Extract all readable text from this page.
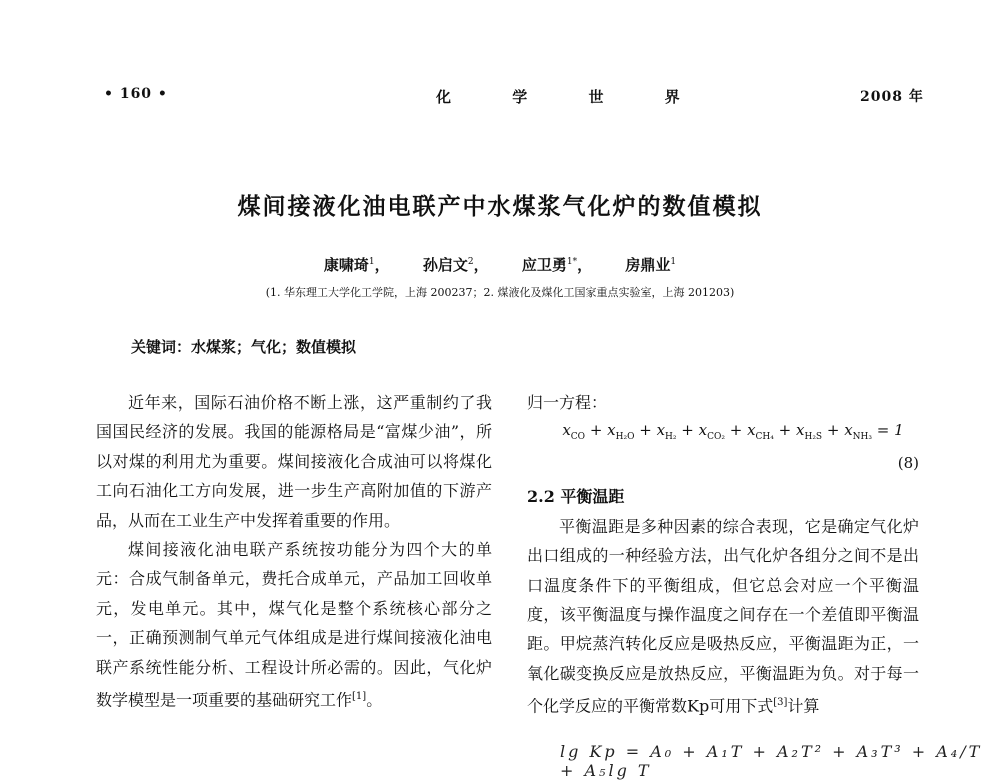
• 160 •	化 学 世 界	2008 年
煤间接液化油电联产中水煤浆气化炉的数值模拟
康啸琦$^1$， 孙启文$^2$， 应卫勇$^{1*}$， 房鼎业$^1$
(1. 华东理工大学化工学院，上海 200237；2. 煤液化及煤化工国家重点实验室，上海 201203)
关键词：水煤浆；气化；数值模拟

近年来，国际石油价格不断上涨，这严重制约了我国国民经济的发展。我国的能源格局是“富煤少油”，所以对煤的利用尤为重要。煤间接液化合成油可以将煤化工向石油化工方向发展，进一步生产高附加值的下游产品，从而在工业生产中发挥着重要的作用。

煤间接液化油电联产系统按功能分为四个大的单元：合成气制备单元，费托合成单元，产品加工回收单元，发电单元。其中，煤气化是整个系统核心部分之一，正确预测制气单元气体组成是进行煤间接液化油电联产系统性能分析、工程设计所必需的。因此，气化炉数学模型是一项重要的基础研究工作[1]。

归一方程：

$x_{CO} + x_{H_2O} + x_{H_2} + x_{CO_2} + x_{CH_4} + x_{H_2S} + x_{NH_3} = 1$
(8)
2.2 平衡温距

平衡温距是多种因素的综合表现，它是确定气化炉出口组成的一种经验方法，出气化炉各组分之间不是出口温度条件下的平衡组成，但它总会对应一个平衡温度，该平衡温度与操作温度之间存在一个差值即平衡温距。甲烷蒸汽转化反应是吸热反应，平衡温距为正，一氧化碳变换反应是放热反应，平衡温距为负。对于每一个化学反应的平衡常数Kp可用下式[3]计算

lg Kp = A₀ + A₁T + A₂T² + A₃T³ + A₄/T + A₅lg T
